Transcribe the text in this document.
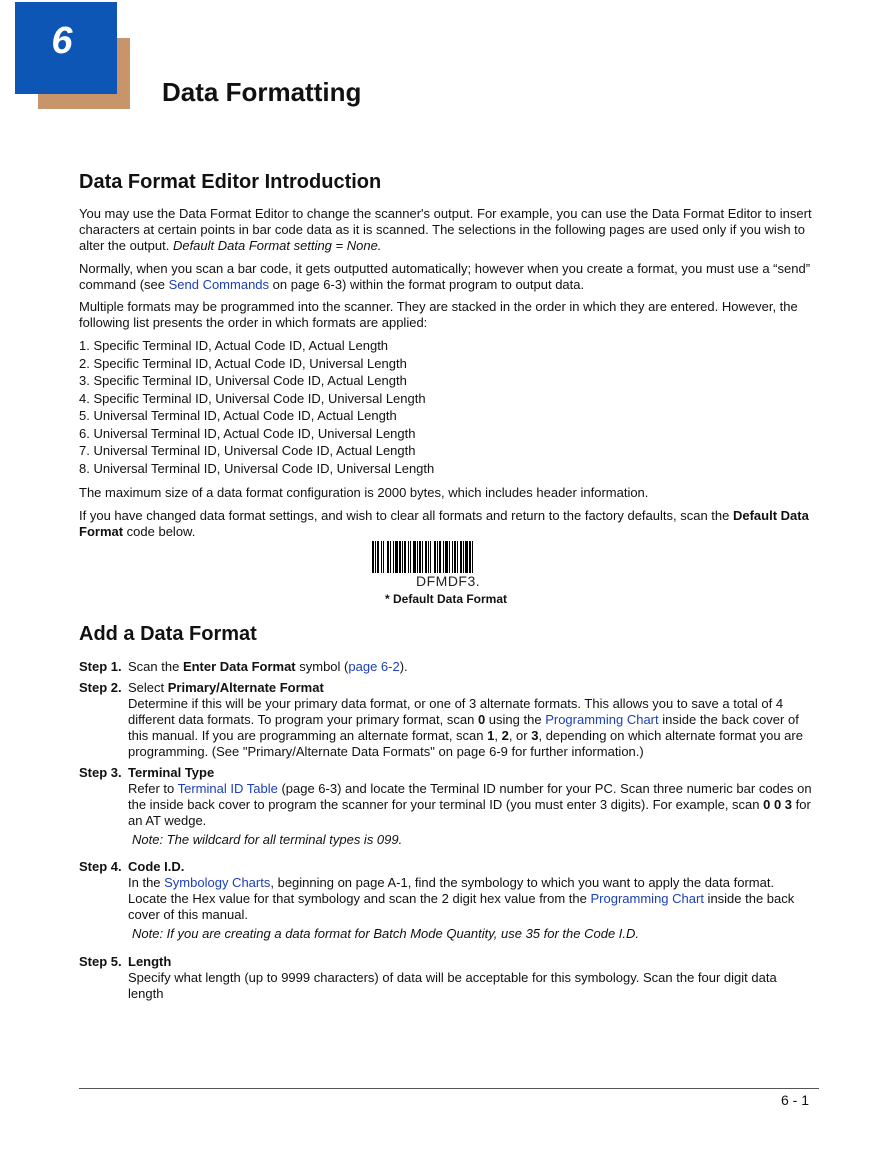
6
Data Formatting
Data Format Editor Introduction

You may use the Data Format Editor to change the scanner's output. For example, you can use the Data Format Editor to insert characters at certain points in bar code data as it is scanned. The selections in the following pages are used only if you wish to alter the output. Default Data Format setting = None.

Normally, when you scan a bar code, it gets outputted automatically; however when you create a format, you must use a “send” command (see Send Commands on page 6-3) within the format program to output data.

Multiple formats may be programmed into the scanner. They are stacked in the order in which they are entered. However, the following list presents the order in which formats are applied:
1. Specific Terminal ID, Actual Code ID, Actual Length
2. Specific Terminal ID, Actual Code ID, Universal Length
3. Specific Terminal ID, Universal Code ID, Actual Length
4. Specific Terminal ID, Universal Code ID, Universal Length
5. Universal Terminal ID, Actual Code ID, Actual Length
6. Universal Terminal ID, Actual Code ID, Universal Length
7. Universal Terminal ID, Universal Code ID, Actual Length
8. Universal Terminal ID, Universal Code ID, Universal Length
The maximum size of a data format configuration is 2000 bytes, which includes header information.

If you have changed data format settings, and wish to clear all formats and return to the factory defaults, scan the Default Data Format code below.

DFMDF3.
* Default Data Format
Add a Data Format
Step 1. Scan the Enter Data Format symbol (page 6-2).

Step 2. Select Primary/Alternate Format

Determine if this will be your primary data format, or one of 3 alternate formats. This allows you to save a total of 4 different data formats. To program your primary format, scan 0 using the Programming Chart inside the back cover of this manual. If you are programming an alternate format, scan 1, 2, or 3, depending on which alternate format you are programming. (See "Primary/Alternate Data Formats" on page 6-9 for further information.)

Step 3. Terminal Type

Refer to Terminal ID Table (page 6-3) and locate the Terminal ID number for your PC. Scan three numeric bar codes on the inside back cover to program the scanner for your terminal ID (you must enter 3 digits). For example, scan 0 0 3 for an AT wedge.

Note: The wildcard for all terminal types is 099.

Step 4. Code I.D.

In the Symbology Charts, beginning on page A-1, find the symbology to which you want to apply the data format. Locate the Hex value for that symbology and scan the 2 digit hex value from the Programming Chart inside the back cover of this manual.

Note: If you are creating a data format for Batch Mode Quantity, use 35 for the Code I.D.

Step 5. Length

Specify what length (up to 9999 characters) of data will be acceptable for this symbology. Scan the four digit data length

6 - 1
